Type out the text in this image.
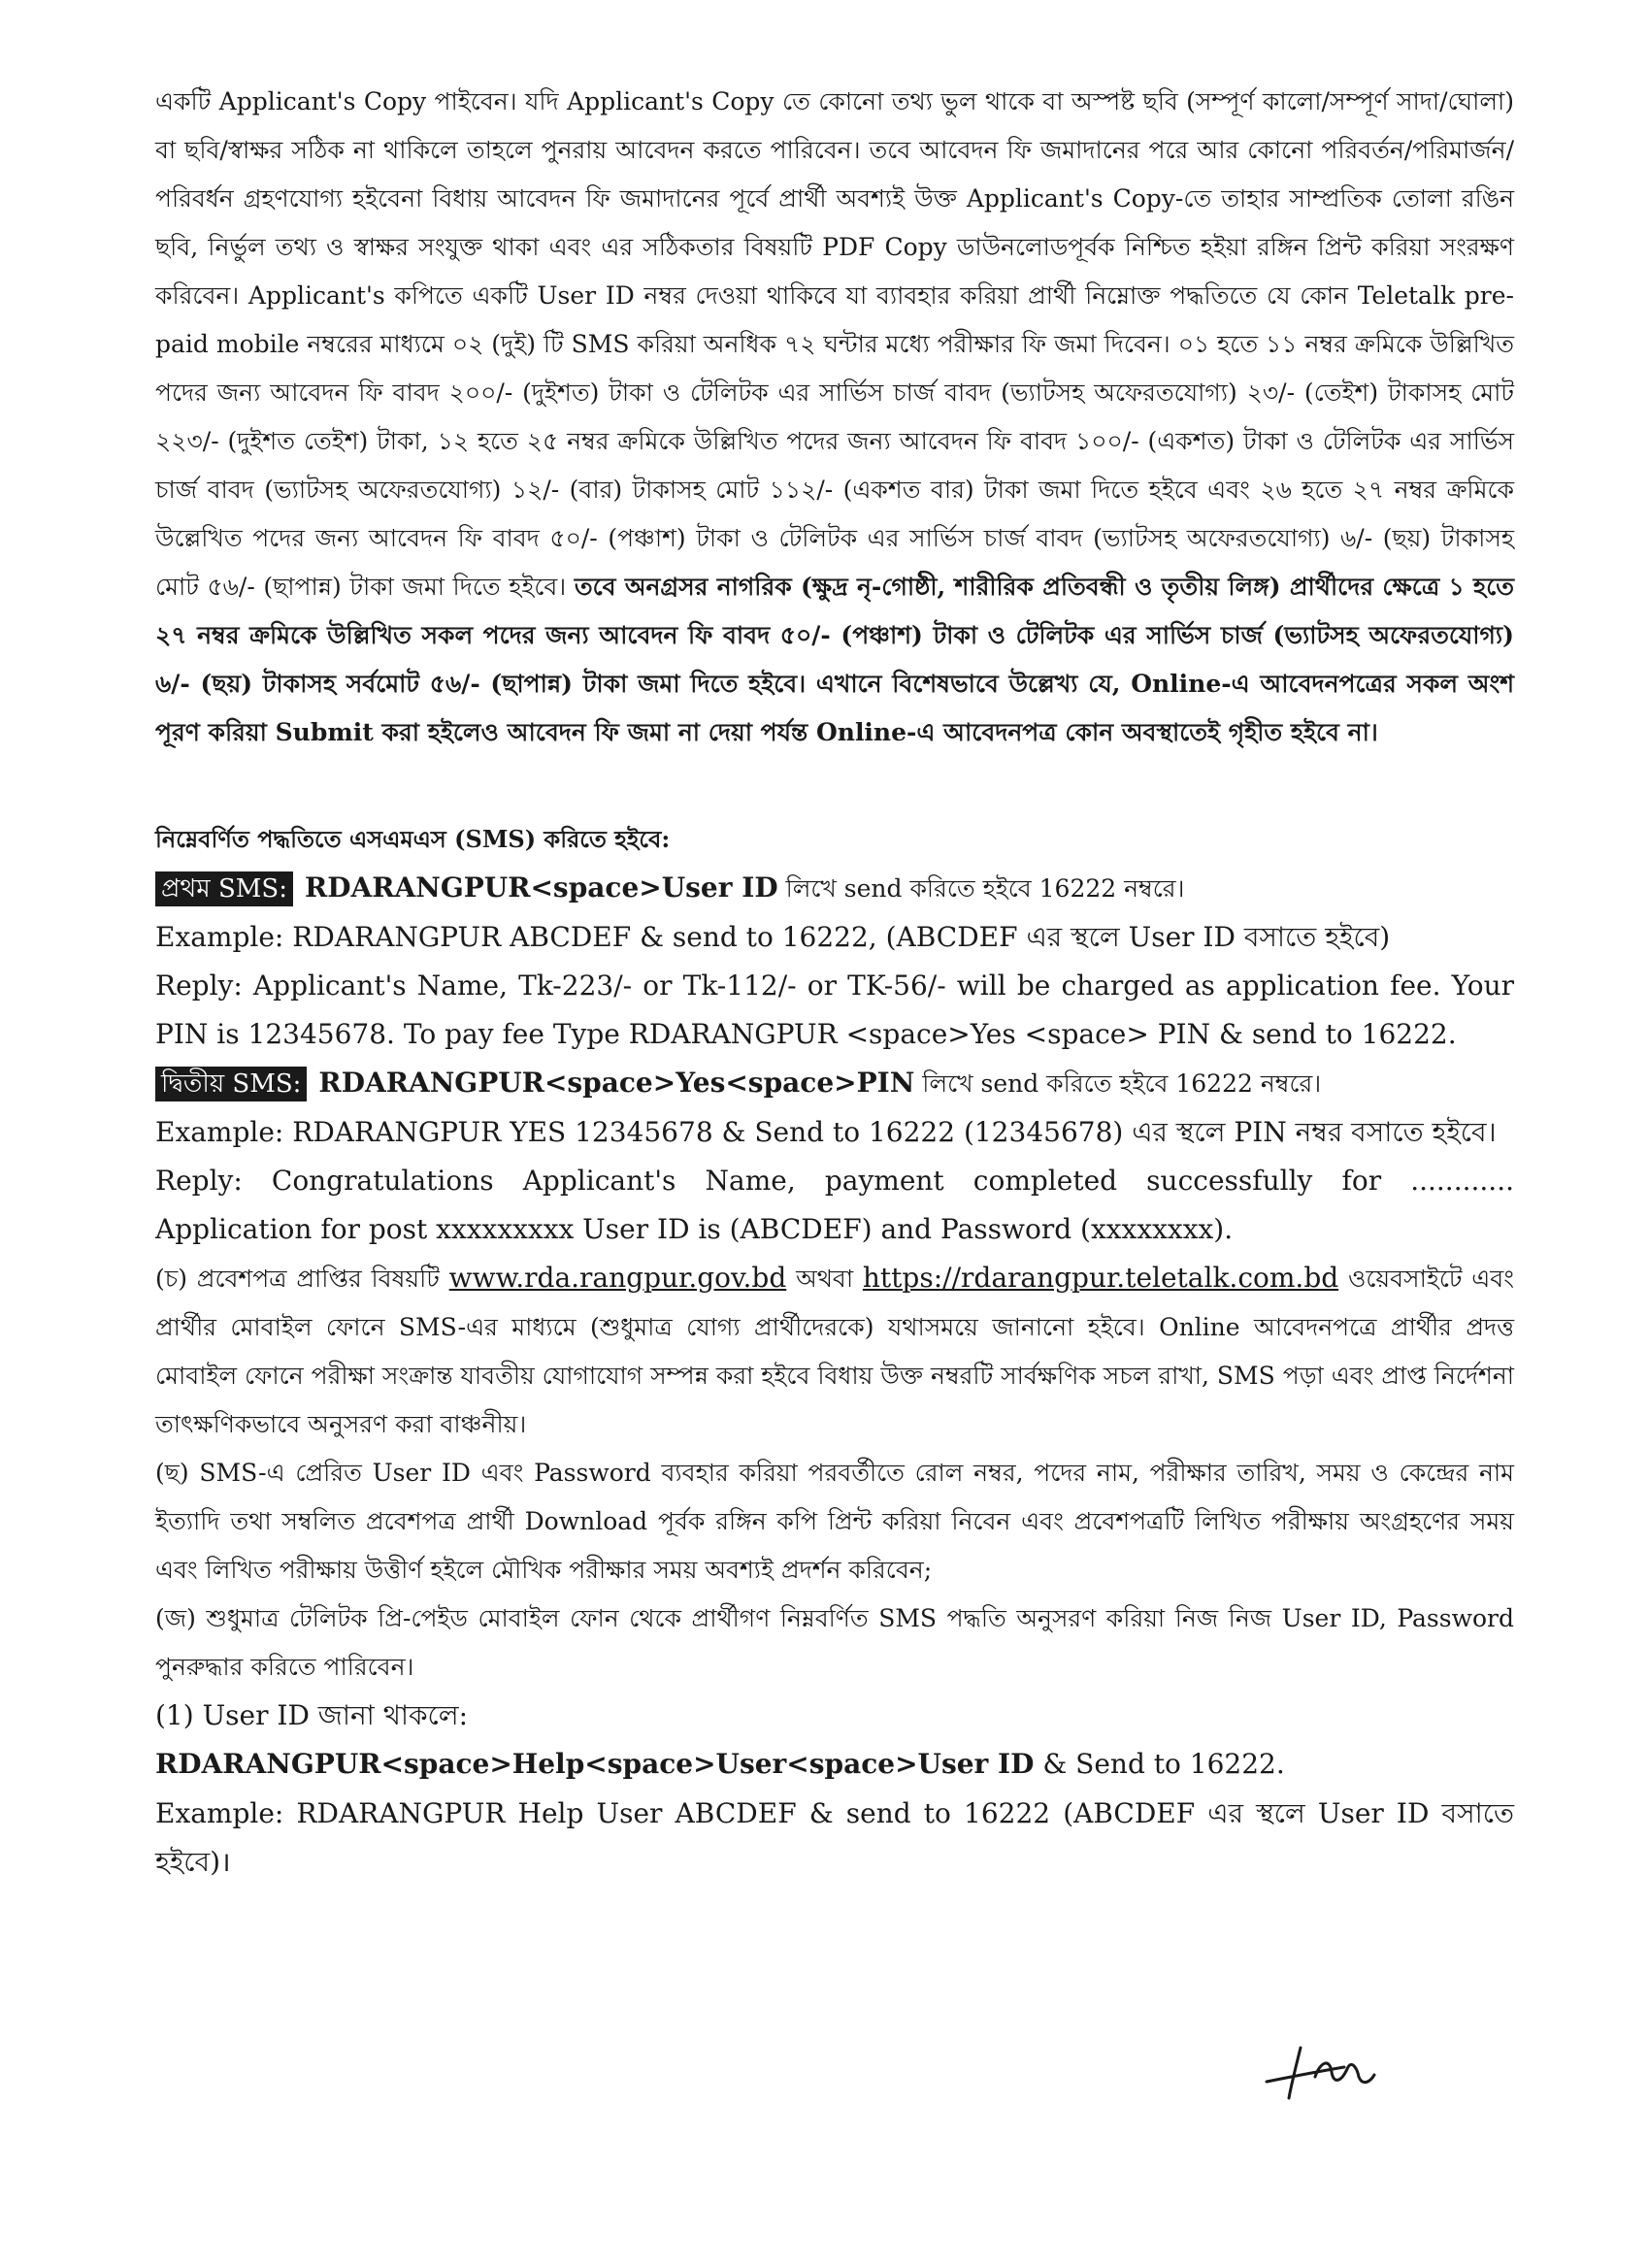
একটি Applicant's Copy পাইবেন। যদি Applicant's Copy তে কোনো তথ্য ভুল থাকে বা অস্পষ্ট ছবি (সম্পূর্ণ কালো/সম্পূর্ণ সাদা/ঘোলা) বা ছবি/স্বাক্ষর সঠিক না থাকিলে তাহলে পুনরায় আবেদন করতে পারিবেন। তবে আবেদন ফি জমাদানের পরে আর কোনো পরিবর্তন/পরিমার্জন/পরিবর্ধন গ্রহণযোগ্য হইবেনা বিধায় আবেদন ফি জমাদানের পূর্বে প্রার্থী অবশ্যই উক্ত Applicant's Copy-তে তাহার সাম্প্রতিক তোলা রঙিন ছবি, নির্ভুল তথ্য ও স্বাক্ষর সংযুক্ত থাকা এবং এর সঠিকতার বিষয়টি PDF Copy ডাউনলোডপূর্বক নিশ্চিত হইয়া রঙ্গিন প্রিন্ট করিয়া সংরক্ষণ করিবেন। Applicant's কপিতে একটি User ID নম্বর দেওয়া থাকিবে যা ব্যাবহার করিয়া প্রার্থী নিম্নোক্ত পদ্ধতিতে যে কোন Teletalk pre-paid mobile নম্বরের মাধ্যমে ০২ (দুই) টি SMS করিয়া অনধিক ৭২ ঘন্টার মধ্যে পরীক্ষার ফি জমা দিবেন। ০১ হতে ১১ নম্বর ক্রমিকে উল্লিখিত পদের জন্য আবেদন ফি বাবদ ২০০/- (দুইশত) টাকা ও টেলিটক এর সার্ভিস চার্জ বাবদ (ভ্যাটসহ অফেরতযোগ্য) ২৩/- (তেইশ) টাকাসহ মোট ২২৩/- (দুইশত তেইশ) টাকা, ১২ হতে ২৫ নম্বর ক্রমিকে উল্লিখিত পদের জন্য আবেদন ফি বাবদ ১০০/- (একশত) টাকা ও টেলিটক এর সার্ভিস চার্জ বাবদ (ভ্যাটসহ অফেরতযোগ্য) ১২/- (বার) টাকাসহ মোট ১১২/- (একশত বার) টাকা জমা দিতে হইবে এবং ২৬ হতে ২৭ নম্বর ক্রমিকে উল্লেখিত পদের জন্য আবেদন ফি বাবদ ৫০/- (পঞ্চাশ) টাকা ও টেলিটক এর সার্ভিস চার্জ বাবদ (ভ্যাটসহ অফেরতযোগ্য) ৬/- (ছয়) টাকাসহ মোট ৫৬/- (ছাপান্ন) টাকা জমা দিতে হইবে। তবে অনগ্রসর নাগরিক (ক্ষুদ্র নৃ-গোষ্ঠী, শারীরিক প্রতিবন্ধী ও তৃতীয় লিঙ্গ) প্রার্থীদের ক্ষেত্রে ১ হতে ২৭ নম্বর ক্রমিকে উল্লিখিত সকল পদের জন্য আবেদন ফি বাবদ ৫০/- (পঞ্চাশ) টাকা ও টেলিটক এর সার্ভিস চার্জ (ভ্যাটসহ অফেরতযোগ্য) ৬/- (ছয়) টাকাসহ সর্বমোট ৫৬/- (ছাপান্ন) টাকা জমা দিতে হইবে। এখানে বিশেষভাবে উল্লেখ্য যে, Online-এ আবেদনপত্রের সকল অংশ পূরণ করিয়া Submit করা হইলেও আবেদন ফি জমা না দেয়া পর্যন্ত Online-এ আবেদনপত্র কোন অবস্থাতেই গৃহীত হইবে না।

নিম্নেবর্ণিত পদ্ধতিতে এসএমএস (SMS) করিতে হইবে:

প্রথম SMS: RDARANGPUR<space>User ID লিখে send করিতে হইবে 16222 নম্বরে।

Example: RDARANGPUR ABCDEF & send to 16222, (ABCDEF এর স্থলে User ID বসাতে হইবে)

Reply: Applicant's Name, Tk-223/- or Tk-112/- or TK-56/- will be charged as application fee. Your PIN is 12345678. To pay fee Type RDARANGPUR <space>Yes <space> PIN & send to 16222.

দ্বিতীয় SMS: RDARANGPUR<space>Yes<space>PIN লিখে send করিতে হইবে 16222 নম্বরে।

Example: RDARANGPUR YES 12345678 & Send to 16222 (12345678) এর স্থলে PIN নম্বর বসাতে হইবে।

Reply: Congratulations Applicant's Name, payment completed successfully for ............ Application for post xxxxxxxxx User ID is (ABCDEF) and Password (xxxxxxxx).

(চ) প্রবেশপত্র প্রাপ্তির বিষয়টি www.rda.rangpur.gov.bd অথবা https://rdarangpur.teletalk.com.bd ওয়েবসাইটে এবং প্রার্থীর মোবাইল ফোনে SMS-এর মাধ্যমে (শুধুমাত্র যোগ্য প্রার্থীদেরকে) যথাসময়ে জানানো হইবে। Online আবেদনপত্রে প্রার্থীর প্রদত্ত মোবাইল ফোনে পরীক্ষা সংক্রান্ত যাবতীয় যোগাযোগ সম্পন্ন করা হইবে বিধায় উক্ত নম্বরটি সার্বক্ষণিক সচল রাখা, SMS পড়া এবং প্রাপ্ত নির্দেশনা তাৎক্ষণিকভাবে অনুসরণ করা বাঞ্চনীয়।

(ছ) SMS-এ প্রেরিত User ID এবং Password ব্যবহার করিয়া পরবর্তীতে রোল নম্বর, পদের নাম, পরীক্ষার তারিখ, সময় ও কেন্দ্রের নাম ইত্যাদি তথা সম্বলিত প্রবেশপত্র প্রার্থী Download পূর্বক রঙ্গিন কপি প্রিন্ট করিয়া নিবেন এবং প্রবেশপত্রটি লিখিত পরীক্ষায় অংগ্রহণের সময় এবং লিখিত পরীক্ষায় উত্তীর্ণ হইলে মৌখিক পরীক্ষার সময় অবশ্যই প্রদর্শন করিবেন;

(জ) শুধুমাত্র টেলিটক প্রি-পেইড মোবাইল ফোন থেকে প্রার্থীগণ নিম্নবর্ণিত SMS পদ্ধতি অনুসরণ করিয়া নিজ নিজ User ID, Password পুনরুদ্ধার করিতে পারিবেন।

(1) User ID জানা থাকলে:

RDARANGPUR<space>Help<space>User<space>User ID & Send to 16222.

Example: RDARANGPUR Help User ABCDEF & send to 16222 (ABCDEF এর স্থলে User ID বসাতে হইবে)।
